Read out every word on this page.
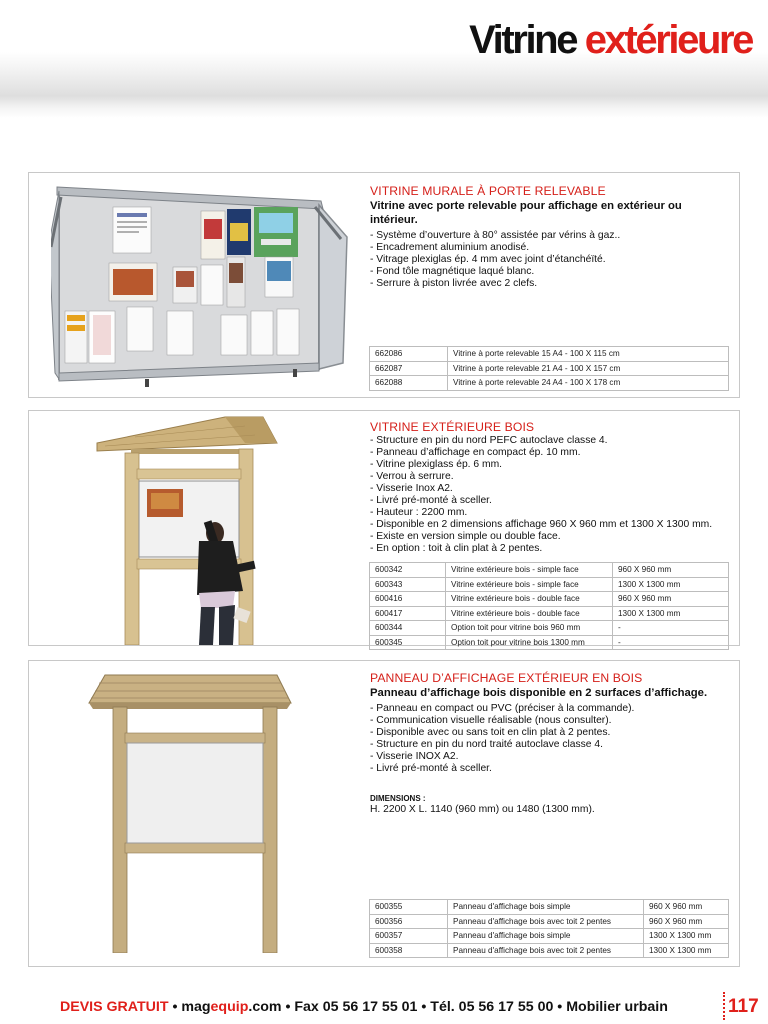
Vitrine extérieure
VITRINE MURALE À PORTE RELEVABLE
Vitrine avec porte relevable pour affichage en extérieur ou intérieur.
- Système d’ouverture à 80° assistée par vérins à gaz..
- Encadrement aluminium anodisé.
- Vitrage plexiglas ép. 4 mm avec joint d’étanchéïté.
- Fond tôle magnétique laqué blanc.
- Serrure à piston livrée avec 2 clefs.
662086	Vitrine à porte relevable 15 A4 - 100 X 115 cm
662087	Vitrine à porte relevable 21 A4 - 100 X 157 cm
662088	Vitrine à porte relevable 24 A4 - 100 X 178 cm
VITRINE EXTÉRIEURE BOIS
- Structure en pin du nord PEFC autoclave classe 4.
- Panneau d’affichage en compact ép. 10 mm.
- Vitrine plexiglass ép. 6 mm.
- Verrou à serrure.
- Visserie Inox A2.
- Livré pré-monté à sceller.
- Hauteur : 2200 mm.
- Disponible en 2 dimensions affichage 960 X 960 mm et 1300 X 1300 mm.
- Existe en version simple ou double face.
- En option : toit à clin plat à 2 pentes.
600342	Vitrine extérieure bois - simple face	960 X 960 mm
600343	Vitrine extérieure bois - simple face	1300 X 1300 mm
600416	Vitrine extérieure bois - double face	960 X 960 mm
600417	Vitrine extérieure bois - double face	1300 X 1300 mm
600344	Option toit pour vitrine bois 960 mm	-
600345	Option toit pour vitrine bois 1300 mm	-
PANNEAU D’AFFICHAGE EXTÉRIEUR EN BOIS
Panneau d’affichage bois disponible en 2 surfaces d’affichage.
- Panneau en compact ou PVC (préciser à la commande).
- Communication visuelle réalisable (nous consulter).
- Disponible avec ou sans toit en clin plat à 2 pentes.
- Structure en pin du nord traité autoclave classe 4.
- Visserie INOX A2.
- Livré pré-monté à sceller.
DIMENSIONS :
H. 2200 X L. 1140 (960 mm) ou 1480 (1300 mm).
600355	Panneau d'affichage bois simple	960 X 960 mm
600356	Panneau d'affichage bois avec toit 2 pentes	960 X 960 mm
600357	Panneau d'affichage bois simple	1300 X 1300 mm
600358	Panneau d'affichage bois avec toit 2 pentes	1300 X 1300 mm
DEVIS GRATUIT • magequip.com • Fax 05 56 17 55 01 • Tél. 05 56 17 55 00 • Mobilier urbain	117
